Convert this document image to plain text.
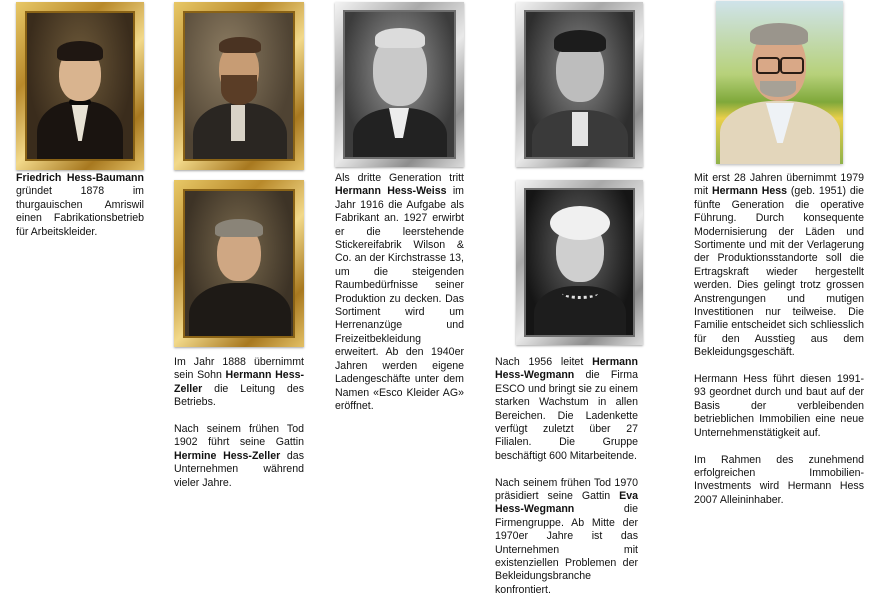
Friedrich Hess-Baumann gründet 1878 im thurgauischen Amriswil einen Fabrikationsbetrieb für Arbeitskleider.

Im Jahr 1888 übernimmt sein Sohn Hermann Hess-Zeller die Leitung des Betriebs.

Nach seinem frühen Tod 1902 führt seine Gattin Hermine Hess-Zeller das Unternehmen während vieler Jahre.

Als dritte Generation tritt Hermann Hess-Weiss im Jahr 1916 die Aufgabe als Fabrikant an. 1927 erwirbt er die leerstehende Stickereifabrik Wilson & Co. an der Kirchstrasse 13, um die steigenden Raumbedürfnisse seiner Produktion zu decken. Das Sortiment wird um Herrenanzüge und Freizeitbekleidung erweitert. Ab den 1940er Jahren werden eigene Ladengeschäfte unter dem Namen «Esco Kleider AG» eröffnet.

Nach 1956 leitet Hermann Hess-Wegmann die Firma ESCO und bringt sie zu einem starken Wachstum in allen Bereichen. Die Ladenkette verfügt zuletzt über 27 Filialen. Die Gruppe beschäftigt 600 Mitarbeitende.

Nach seinem frühen Tod 1970 präsidiert seine Gattin Eva Hess-Wegmann die Firmengruppe. Ab Mitte der 1970er Jahre ist das Unternehmen mit existenziellen Problemen der Bekleidungsbranche konfrontiert.

Mit erst 28 Jahren übernimmt 1979 mit Hermann Hess (geb. 1951) die fünfte Generation die operative Führung. Durch konsequente Modernisierung der Läden und Sortimente und mit der Verlagerung der Produktionsstandorte soll die Ertragskraft wieder hergestellt werden. Dies gelingt trotz grossen Anstrengungen und mutigen Investitionen nur teilweise. Die Familie entscheidet sich schliesslich für den Ausstieg aus dem Bekleidungsgeschäft.

Hermann Hess führt diesen 1991-93 geordnet durch und baut auf der Basis der verbleibenden betrieblichen Immobilien eine neue Unternehmenstätigkeit auf.

Im Rahmen des zunehmend erfolgreichen Immobilien-Investments wird Hermann Hess 2007 Alleininhaber.
